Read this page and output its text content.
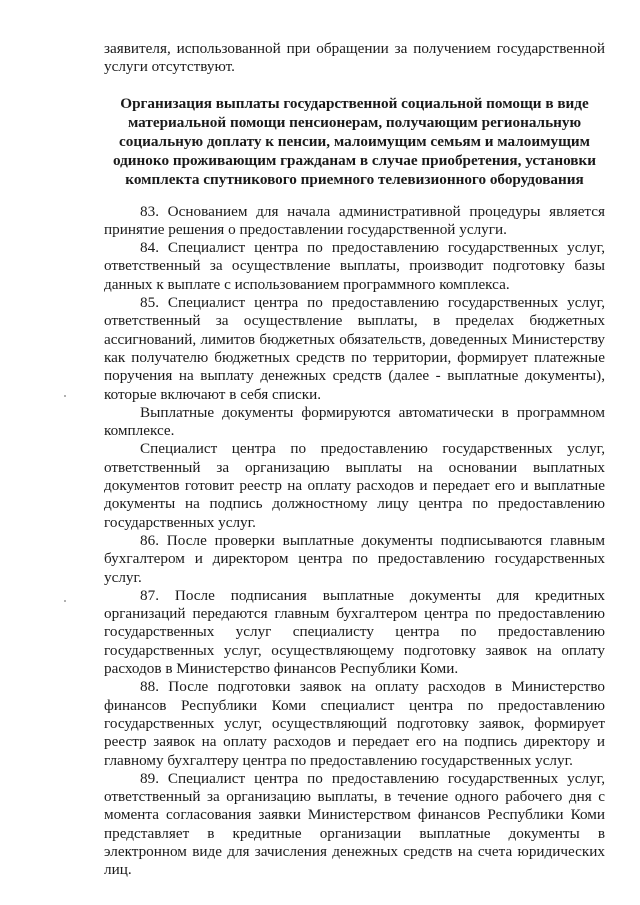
заявителя, использованной при обращении за получением государственной услуги отсутствуют.

Организация выплаты государственной социальной помощи в виде материальной помощи пенсионерам, получающим региональную социальную доплату к пенсии, малоимущим семьям и малоимущим одиноко проживающим гражданам в случае приобретения, установки комплекта спутникового приемного телевизионного оборудования

83. Основанием для начала административной процедуры является принятие решения о предоставлении государственной услуги.

84. Специалист центра по предоставлению государственных услуг, ответственный за осуществление выплаты, производит подготовку базы данных к выплате с использованием программного комплекса.

85. Специалист центра по предоставлению государственных услуг, ответственный за осуществление выплаты, в пределах бюджетных ассигнований, лимитов бюджетных обязательств, доведенных Министерству как получателю бюджетных средств по территории, формирует платежные поручения на выплату денежных средств (далее - выплатные документы), которые включают в себя списки.

Выплатные документы формируются автоматически в программном комплексе.

Специалист центра по предоставлению государственных услуг, ответственный за организацию выплаты на основании выплатных документов готовит реестр на оплату расходов и передает его и выплатные документы на подпись должностному лицу центра по предоставлению государственных услуг.

86. После проверки выплатные документы подписываются главным бухгалтером и директором центра по предоставлению государственных услуг.

87. После подписания выплатные документы для кредитных организаций передаются главным бухгалтером центра по предоставлению государственных услуг специалисту центра по предоставлению государственных услуг, осуществляющему подготовку заявок на оплату расходов в Министерство финансов Республики Коми.

88. После подготовки заявок на оплату расходов в Министерство финансов Республики Коми специалист центра по предоставлению государственных услуг, осуществляющий подготовку заявок, формирует реестр заявок на оплату расходов и передает его на подпись директору и главному бухгалтеру центра по предоставлению государственных услуг.

89. Специалист центра по предоставлению государственных услуг, ответственный за организацию выплаты, в течение одного рабочего дня с момента согласования заявки Министерством финансов Республики Коми представляет в кредитные организации выплатные документы в электронном виде для зачисления денежных средств на счета юридических лиц.
